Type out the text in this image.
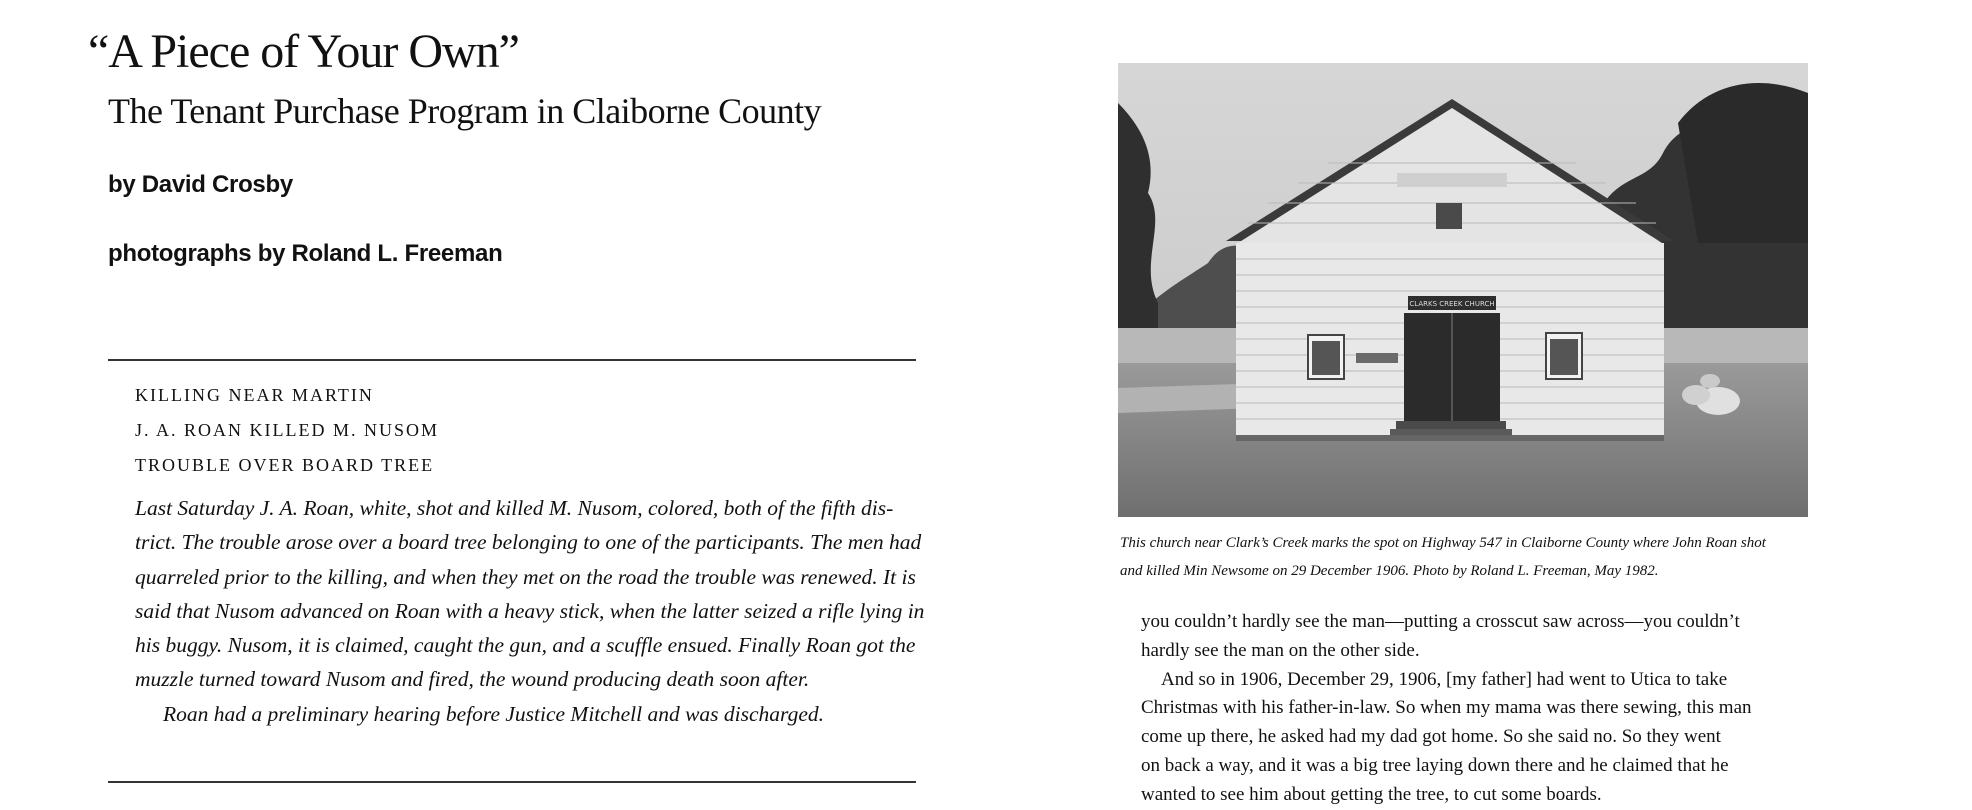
“A Piece of Your Own”
The Tenant Purchase Program in Claiborne County
by David Crosby
photographs by Roland L. Freeman
KILLING NEAR MARTIN
J. A. ROAN KILLED M. NUSOM
TROUBLE OVER BOARD TREE
Last Saturday J. A. Roan, white, shot and killed M. Nusom, colored, both of the fifth dis-
trict. The trouble arose over a board tree belonging to one of the participants. The men had
quarreled prior to the killing, and when they met on the road the trouble was renewed. It is
said that Nusom advanced on Roan with a heavy stick, when the latter seized a rifle lying in
his buggy. Nusom, it is claimed, caught the gun, and a scuffle ensued. Finally Roan got the
muzzle turned toward Nusom and fired, the wound producing death soon after.
Roan had a preliminary hearing before Justice Mitchell and was discharged.
CLARKS CREEK CHURCH
This church near Clark’s Creek marks the spot on Highway 547 in Claiborne County where John Roan shot
and killed Min Newsome on 29 December 1906. Photo by Roland L. Freeman, May 1982.
you couldn’t hardly see the man—putting a crosscut saw across—you couldn’t
hardly see the man on the other side.
And so in 1906, December 29, 1906, [my father] had went to Utica to take
Christmas with his father-in-law. So when my mama was there sewing, this man
come up there, he asked had my dad got home. So she said no. So they went
on back a way, and it was a big tree laying down there and he claimed that he
wanted to see him about getting the tree, to cut some boards.
